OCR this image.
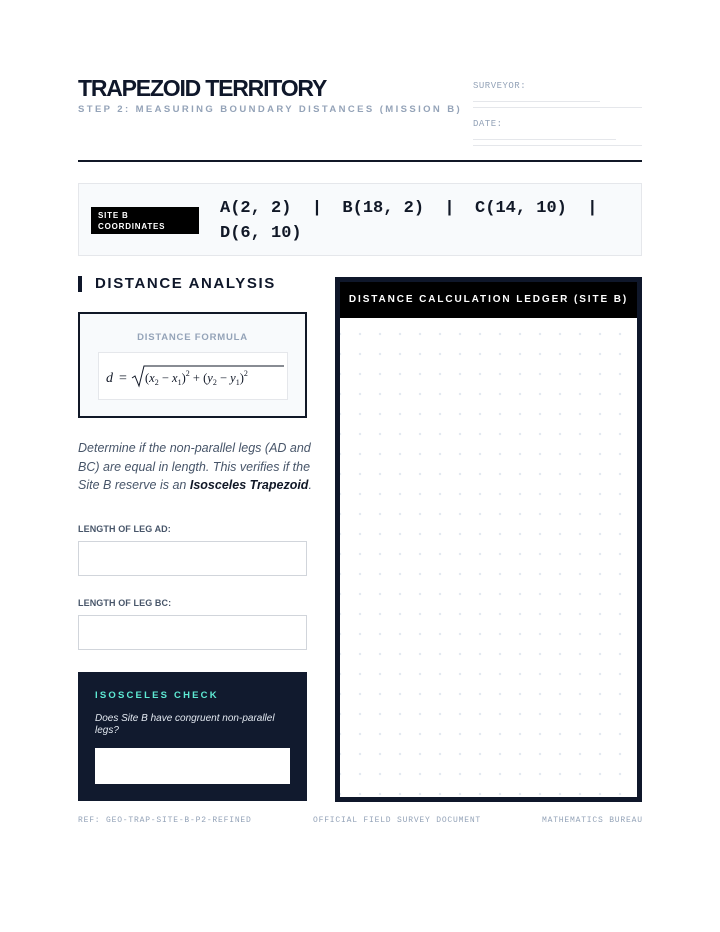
TRAPEZOID TERRITORY
STEP 2: MEASURING BOUNDARY DISTANCES (MISSION B)
SURVEYOR:
DATE:
SITE B COORDINATES
A(2, 2)  |  B(18, 2)  |  C(14, 10)  |  D(6, 10)
DISTANCE ANALYSIS
DISTANCE FORMULA
$d = (x_2 - x_1)^2 + (y_2 - y_1)^2$
Determine if the non-parallel legs (AD and BC) are equal in length. This verifies if the Site B reserve is an Isosceles Trapezoid.
LENGTH OF LEG AD:
LENGTH OF LEG BC:
ISOSCELES CHECK
Does Site B have congruent non-parallel legs?
DISTANCE CALCULATION LEDGER (SITE B)
REF: GEO-TRAP-SITE-B-P2-REFINED	OFFICIAL FIELD SURVEY DOCUMENT	MATHEMATICS BUREAU
